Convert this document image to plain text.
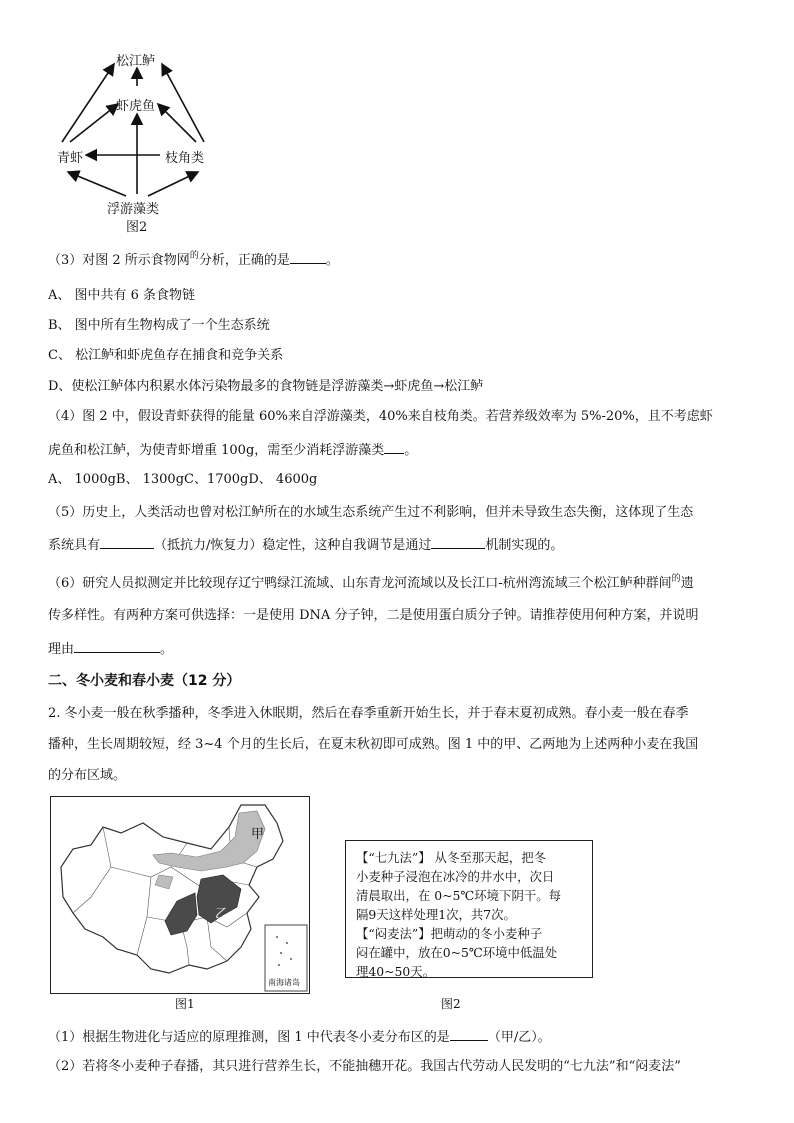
松江鲈
虾虎鱼
青虾	枝角类
浮游藻类
图2
（3）对图 2 所示食物网$^的$分析，正确的是	。
A、 图中共有 6 条食物链
B、 图中所有生物构成了一个生态系统
C、 松江鲈和虾虎鱼存在捕食和竞争关系
D、使松江鲈体内积累水体污染物最多的食物链是浮游藻类→虾虎鱼→松江鲈
（4）图 2 中，假设青虾获得的能量 60%来自浮游藻类，40%来自枝角类。若营养级效率为 5%-20%，且不考虑虾
虎鱼和松江鲈，为使青虾增重 100g，需至少消耗浮游藻类 。
A、 1000gB、 1300gC、1700gD、 4600g
（5）历史上，人类活动也曾对松江鲈所在的水域生态系统产生过不利影响，但并未导致生态失衡，这体现了生态
系统具有	（抵抗力/恢复力）稳定性，这种自我调节是通过	机制实现的。
（6）研究人员拟测定并比较现存辽宁鸭绿江流域、山东青龙河流域以及长江口-杭州湾流域三个松江鲈种群间$^的$遗
传多样性。有两种方案可供选择：一是使用 DNA 分子钟，二是使用蛋白质分子钟。请推荐使用何种方案，并说明
理由	。
二、冬小麦和春小麦（12 分）
2. 冬小麦一般在秋季播种，冬季进入休眠期，然后在春季重新开始生长，并于春末夏初成熟。春小麦一般在春季
播种，生长周期较短，经 3~4 个月的生长后，在夏末秋初即可成熟。图 1 中的甲、乙两地为上述两种小麦在我国
的分布区域。
甲
乙
南海诸岛
图1
【“七九法”】 从冬至那天起，把冬
小麦种子浸泡在冰冷的井水中，次日
清晨取出，在 0~5℃环境下阴干。每
隔9天这样处理1次，共7次。
【“闷麦法”】把萌动的冬小麦种子
闷在罐中，放在0~5℃环境中低温处
理40~50天。
图2
（1）根据生物进化与适应的原理推测，图 1 中代表冬小麦分布区的是	（甲/乙）。
（2）若将冬小麦种子春播，其只进行营养生长，不能抽穗开花。我国古代劳动人民发明的“七九法”和“闷麦法”
